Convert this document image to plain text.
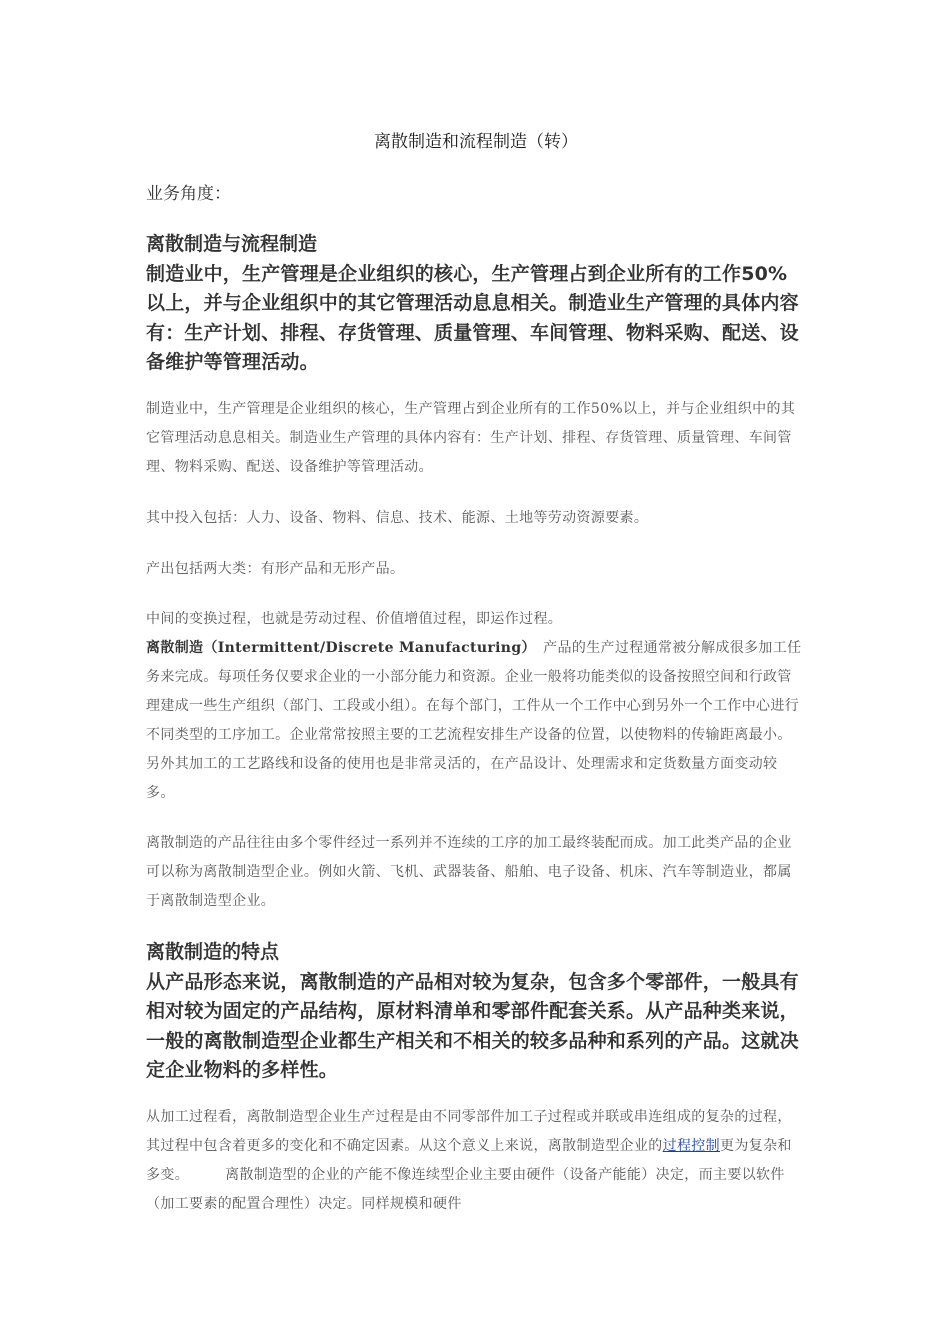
离散制造和流程制造（转）

业务角度：

离散制造与流程制造

制造业中，生产管理是企业组织的核心，生产管理占到企业所有的工作50%以上，并与企业组织中的其它管理活动息息相关。制造业生产管理的具体内容有：生产计划、排程、存货管理、质量管理、车间管理、物料采购、配送、设备维护等管理活动。

制造业中，生产管理是企业组织的核心，生产管理占到企业所有的工作50%以上，并与企业组织中的其它管理活动息息相关。制造业生产管理的具体内容有：生产计划、排程、存货管理、质量管理、车间管理、物料采购、配送、设备维护等管理活动。

其中投入包括：人力、设备、物料、信息、技术、能源、土地等劳动资源要素。

产出包括两大类：有形产品和无形产品。

中间的变换过程，也就是劳动过程、价值增值过程，即运作过程。
离散制造（Intermittent/Discrete Manufacturing）　产品的生产过程通常被分解成很多加工任务来完成。每项任务仅要求企业的一小部分能力和资源。企业一般将功能类似的设备按照空间和行政管理建成一些生产组织（部门、工段或小组）。在每个部门，工件从一个工作中心到另外一个工作中心进行不同类型的工序加工。企业常常按照主要的工艺流程安排生产设备的位置，以使物料的传输距离最小。另外其加工的工艺路线和设备的使用也是非常灵活的，在产品设计、处理需求和定货数量方面变动较多。

离散制造的产品往往由多个零件经过一系列并不连续的工序的加工最终装配而成。加工此类产品的企业可以称为离散制造型企业。例如火箭、飞机、武器装备、船舶、电子设备、机床、汽车等制造业，都属于离散制造型企业。

离散制造的特点

从产品形态来说，离散制造的产品相对较为复杂，包含多个零部件，一般具有相对较为固定的产品结构，原材料清单和零部件配套关系。从产品种类来说，一般的离散制造型企业都生产相关和不相关的较多品种和系列的产品。这就决定企业物料的多样性。

从加工过程看，离散制造型企业生产过程是由不同零部件加工子过程或并联或串连组成的复杂的过程，其过程中包含着更多的变化和不确定因素。从这个意义上来说，离散制造型企业的过程控制更为复杂和多变。　　　离散制造型的企业的产能不像连续型企业主要由硬件（设备产能能）决定，而主要以软件（加工要素的配置合理性）决定。同样规模和硬件
